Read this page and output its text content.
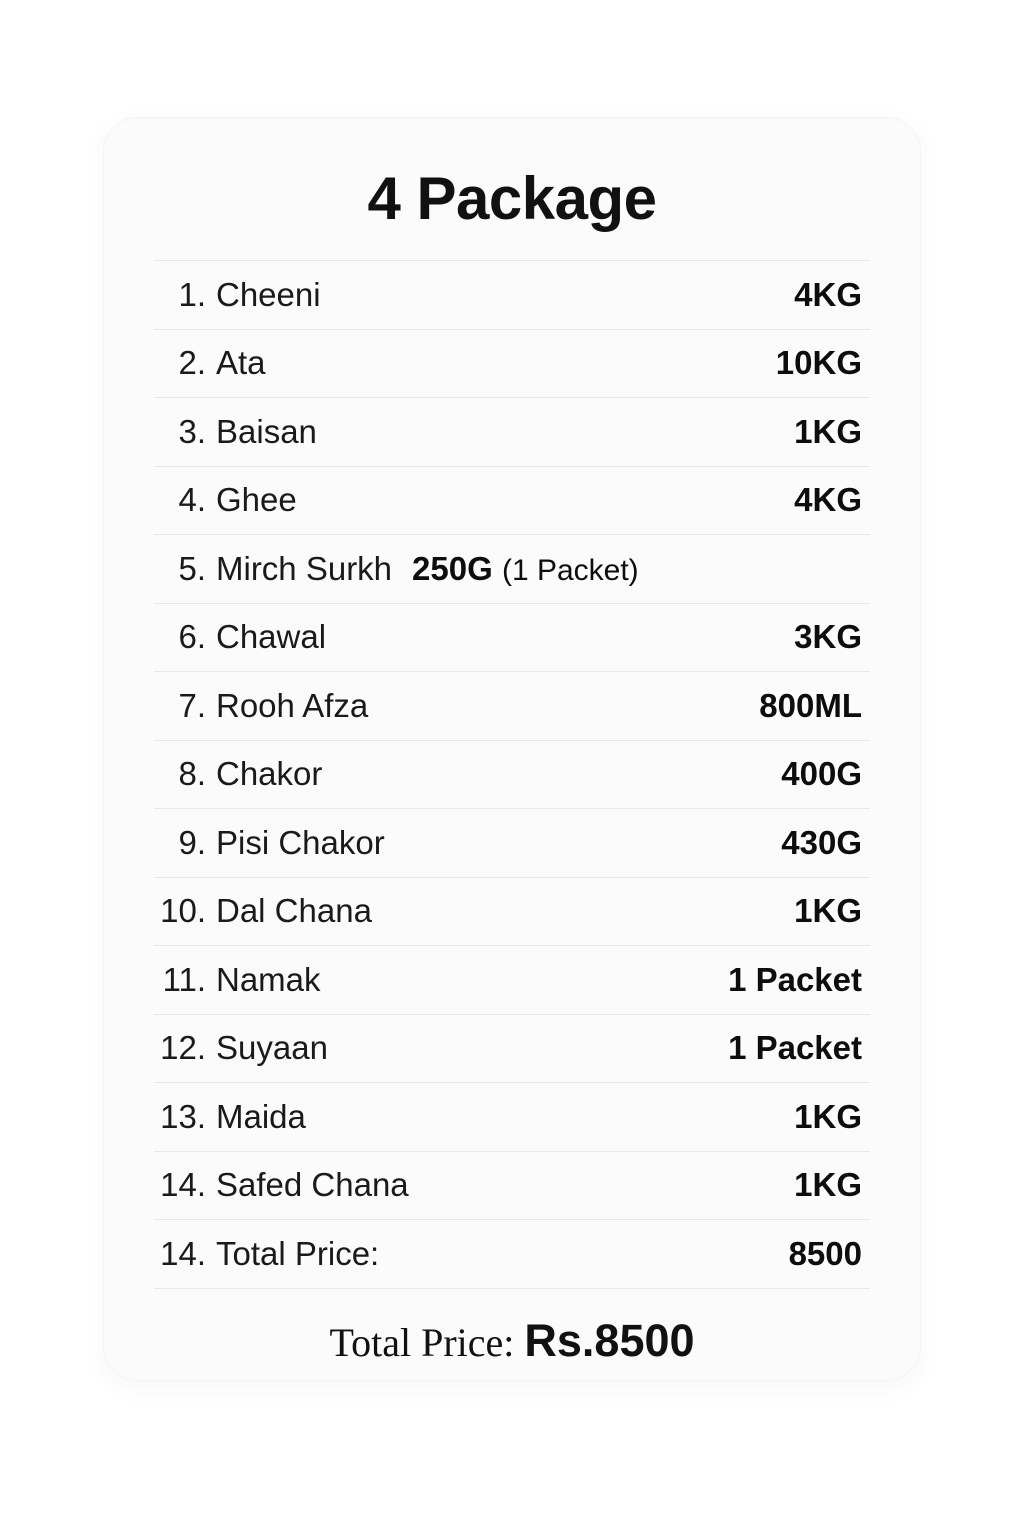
4 Package
1. Cheeni	4KG
2. Ata	10KG
3. Baisan	1KG
4. Ghee	4KG
5. Mirch Surkh 250G (1 Packet)
6. Chawal	3KG
7. Rooh Afza	800ML
8. Chakor	400G
9. Pisi Chakor	430G
10. Dal Chana	1KG
11. Namak	1 Packet
12. Suyaan	1 Packet
13. Maida	1KG
14. Safed Chana	1KG
14. Total Price:	8500
Total Price: Rs.8500
